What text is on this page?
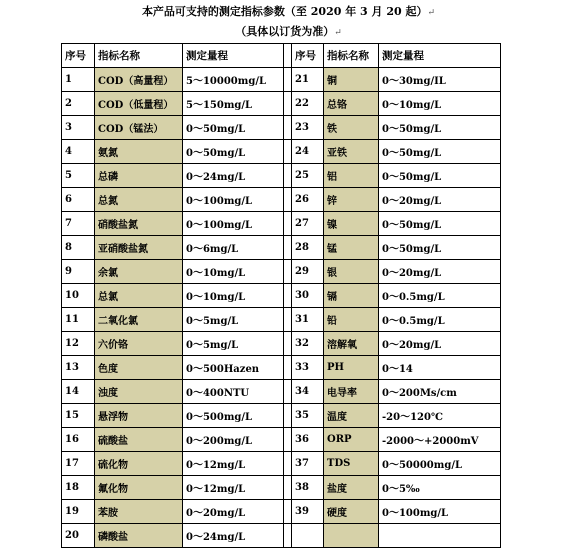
本产品可支持的测定指标参数（至 2020 年 3 月 20 起）↵
（具体以订货为准）↵
序号	指标名称	测定量程		序号	指标名称	测定量程
1	COD（高量程）	5～10000mg/L		21	铜	0～30mg/IL
2	COD（低量程）	5～150mg/L		22	总铬	0～10mg/L
3	COD（锰法）	0～50mg/L		23	铁	0～50mg/L
4	氨氮	0～50mg/L		24	亚铁	0～50mg/L
5	总磷	0～24mg/L		25	铝	0～50mg/L
6	总氮	0～100mg/L		26	锌	0～20mg/L
7	硝酸盐氮	0～100mg/L		27	镍	0～50mg/L
8	亚硝酸盐氮	0～6mg/L		28	锰	0～50mg/L
9	余氯	0～10mg/L		29	银	0～20mg/L
10	总氯	0～10mg/L		30	镉	0～0.5mg/L
11	二氧化氯	0～5mg/L		31	铅	0～0.5mg/L
12	六价铬	0～5mg/L		32	溶解氧	0～20mg/L
13	色度	0～500Hazen		33	PH	0～14
14	浊度	0～400NTU		34	电导率	0～200Ms/cm
15	悬浮物	0～500mg/L		35	温度	-20～120℃
16	硫酸盐	0～200mg/L		36	ORP	-2000～+2000mV
17	硫化物	0～12mg/L		37	TDS	0～50000mg/L
18	氟化物	0～12mg/L		38	盐度	0～5‰
19	苯胺	0～20mg/L		39	硬度	0～100mg/L
20	磷酸盐	0～24mg/L				
